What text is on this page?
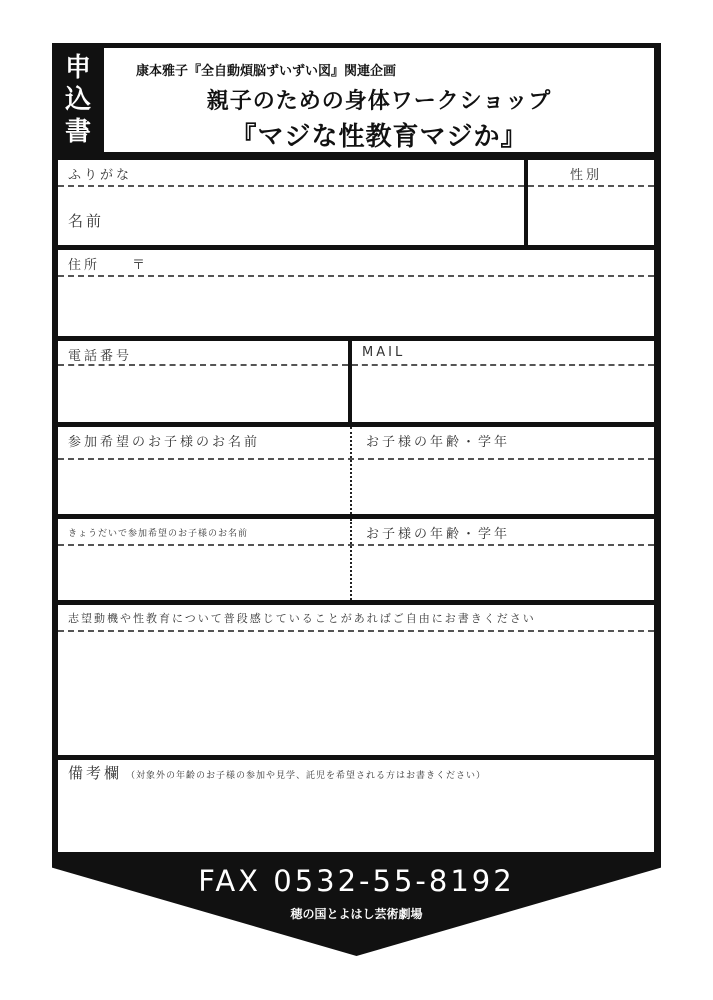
申
込
書
康本雅子『全自動煩脳ずいずい図』関連企画
親子のための身体ワークショップ
『マジな性教育マジか』
ふりがな
名前
性別
住所　　〒
電話番号	MAIL
参加希望のお子様のお名前	お子様の年齢・学年
きょうだいで参加希望のお子様のお名前	お子様の年齢・学年
志望動機や性教育について普段感じていることがあればご自由にお書きください
備考欄 （対象外の年齢のお子様の参加や見学、託児を希望される方はお書きください）
FAX 0532-55-8192
穂の国とよはし芸術劇場
